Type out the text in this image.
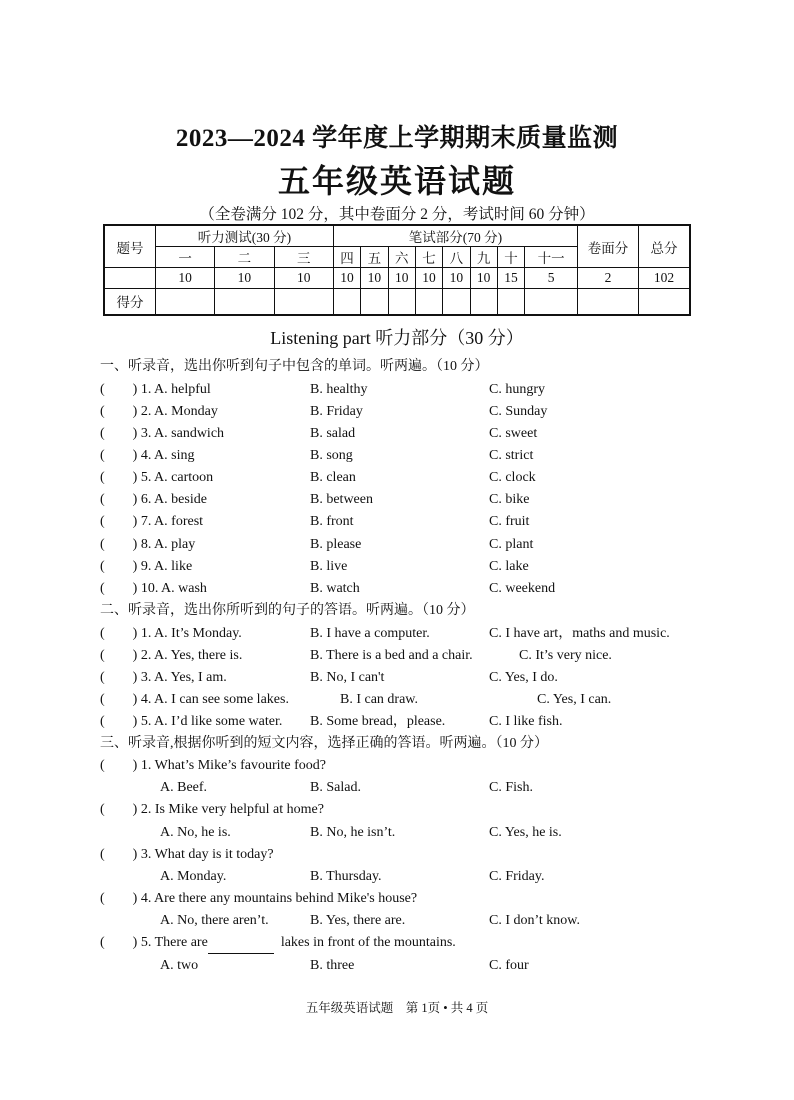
2023—2024 学年度上学期期末质量监测
五年级英语试题
（全卷满分 102 分，其中卷面分 2 分，考试时间 60 分钟）
题号	听力测试(30 分)			笔试部分(70 分)								卷面分	总分
	一	二	三	四	五	六	七	八	九	十	十一		
	10	10	10	10	10	10	10	10	10	15	5	2	102
得分													
Listening part 听力部分（30 分）
一、听录音，选出你听到句子中包含的单词。听两遍。（10 分）
(　　) 1. A. helpful	B. healthy	C. hungry
(　　) 2. A. Monday	B. Friday	C. Sunday
(　　) 3. A. sandwich	B. salad	C. sweet
(　　) 4. A. sing	B. song	C. strict
(　　) 5. A. cartoon	B. clean	C. clock
(　　) 6. A. beside	B. between	C. bike
(　　) 7. A. forest	B. front	C. fruit
(　　) 8. A. play	B. please	C. plant
(　　) 9. A. like	B. live	C. lake
(　　) 10. A. wash	B. watch	C. weekend
二、听录音，选出你所听到的句子的答语。听两遍。（10 分）
(　　) 1. A. It’s Monday.	B. I have a computer.	C. I have art，maths and music.
(　　) 2. A. Yes, there is.	B. There is a bed and a chair.	C. It’s very nice.
(　　) 3. A. Yes, I am.	B. No, I can't	C. Yes, I do.
(　　) 4. A. I can see some lakes.	B. I can draw.	C. Yes, I can.
(　　) 5. A. I’d like some water. B. Some bread，please.	C. I like fish.
三、听录音,根据你听到的短文内容，选择正确的答语。听两遍。（10 分）
(　　) 1. What’s Mike’s favourite food?
A. Beef.	B. Salad.	C. Fish.
(　　) 2. Is Mike very helpful at home?
A. No, he is.	B. No, he isn’t.	C. Yes, he is.
(　　) 3. What day is it today?
A. Monday.	B. Thursday.	C. Friday.
(　　) 4. Are there any mountains behind Mike's house?
A. No, there aren’t.	B. Yes, there are.	C. I don’t know.
(　　) 5. There are	lakes in front of the mountains.
A. two	B. three	C. four
五年级英语试题　第 1页 • 共 4 页
